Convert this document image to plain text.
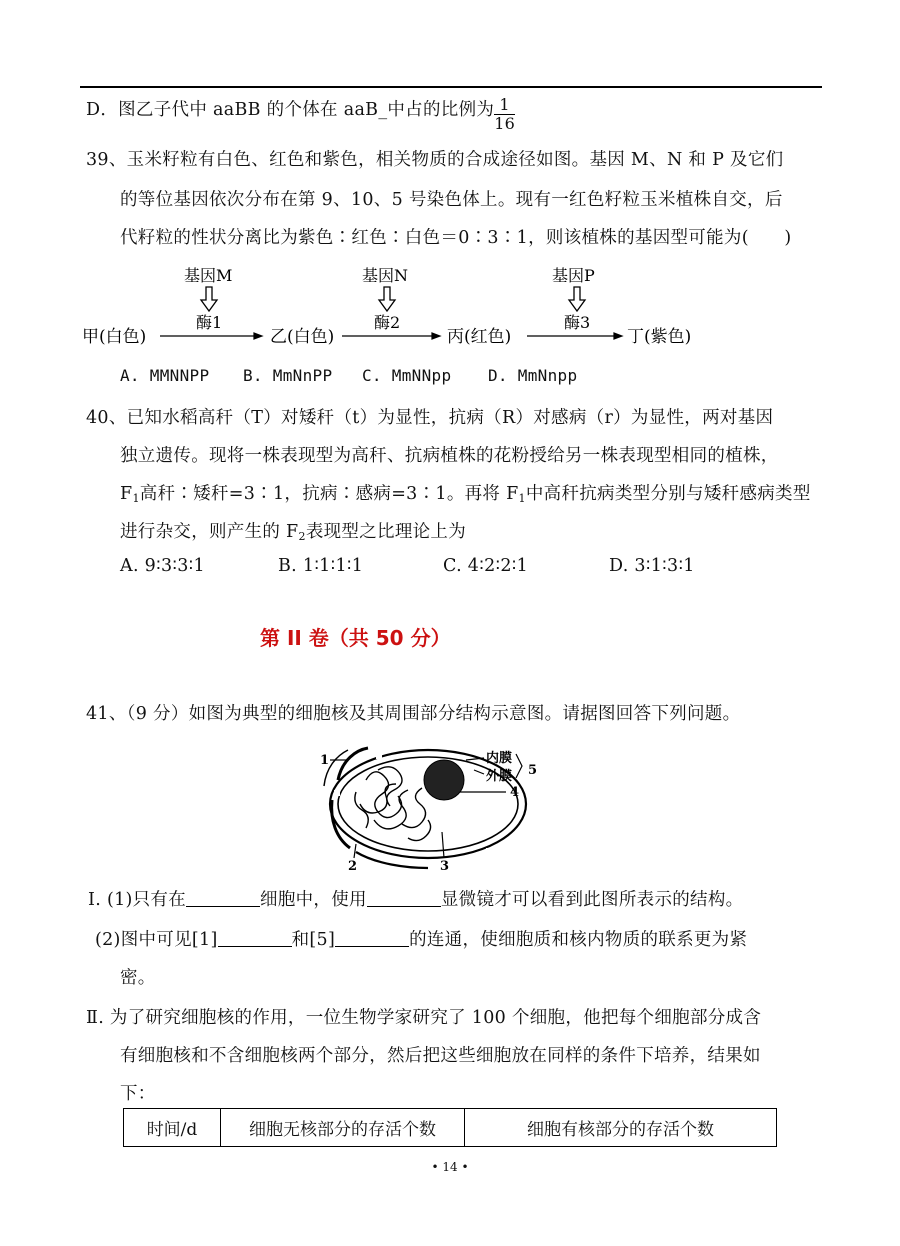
D．图乙子代中 aaBB 的个体在 aaB_中占的比例为 $\frac{1}{16}$
39、玉米籽粒有白色、红色和紫色，相关物质的合成途径如图。基因 M、N 和 P 及它们
的等位基因依次分布在第 9、10、5 号染色体上。现有一红色籽粒玉米植株自交，后
代籽粒的性状分离比为紫色∶红色∶白色＝0∶3∶1，则该植株的基因型可能为(　　)
基因M	基因N	基因P
酶1	酶2	酶3
甲(白色)	乙(白色)	丙(红色)	丁(紫色)
A. MMNNPP B. MmNnPP C. MmNNpp D. MmNnpp
40、已知水稻高秆（T）对矮秆（t）为显性，抗病（R）对感病（r）为显性，两对基因
独立遗传。现将一株表现型为高秆、抗病植株的花粉授给另一株表现型相同的植株，
$F_1$高秆∶矮秆=3∶1，抗病∶感病=3∶1。再将 $F_1$中高秆抗病类型分别与矮秆感病类型
进行杂交，则产生的 $F_2$表现型之比理论上为
A. 9∶3∶3∶1	B. 1∶1∶1∶1	C. 4∶2∶2∶1	D. 3∶1∶3∶1
第 II 卷（共 50 分）
41、（9 分）如图为典型的细胞核及其周围部分结构示意图。请据图回答下列问题。
1
2	3
4
5
内膜
外膜
Ⅰ. (1)只有在	细胞中，使用	显微镜才可以看到此图所表示的结构。
(2)图中可见[1]	和[5]	的连通，使细胞质和核内物质的联系更为紧
密。
Ⅱ. 为了研究细胞核的作用，一位生物学家研究了 100 个细胞，他把每个细胞部分成含
有细胞核和不含细胞核两个部分，然后把这些细胞放在同样的条件下培养，结果如
下：
时间/d	细胞无核部分的存活个数	细胞有核部分的存活个数
• 14 •
